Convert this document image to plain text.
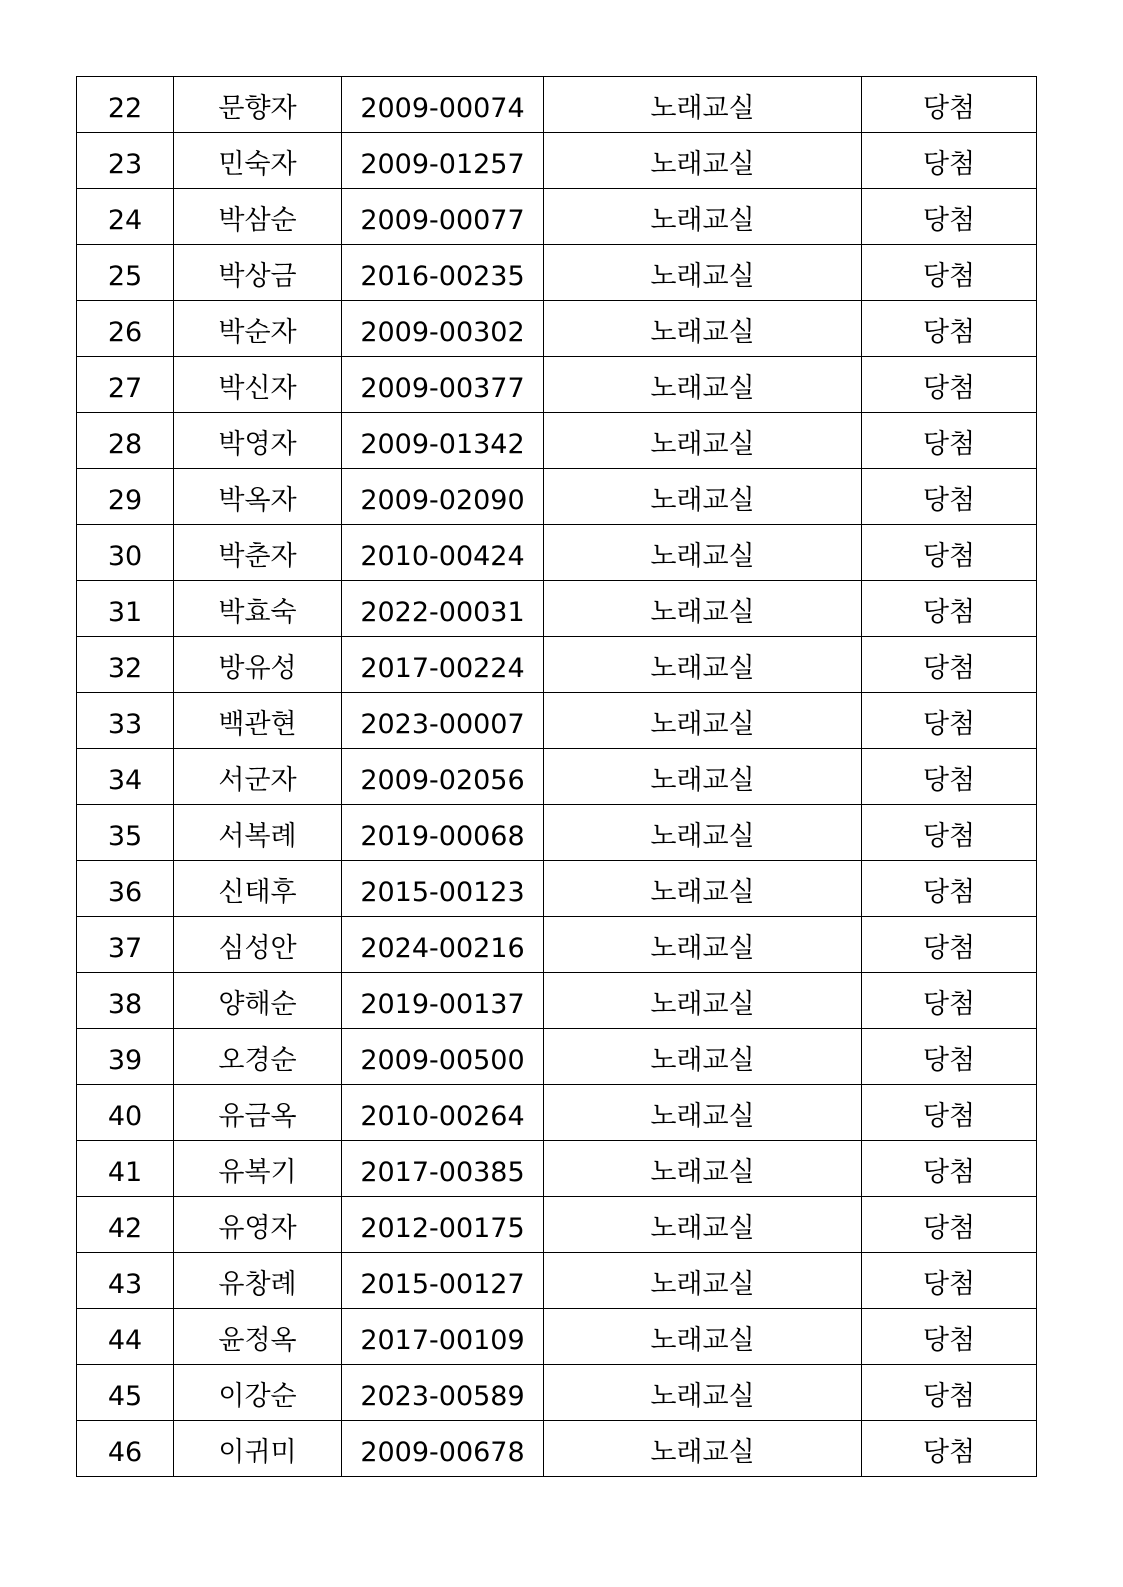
22	문향자	2009-00074	노래교실	당첨
23	민숙자	2009-01257	노래교실	당첨
24	박삼순	2009-00077	노래교실	당첨
25	박상금	2016-00235	노래교실	당첨
26	박순자	2009-00302	노래교실	당첨
27	박신자	2009-00377	노래교실	당첨
28	박영자	2009-01342	노래교실	당첨
29	박옥자	2009-02090	노래교실	당첨
30	박춘자	2010-00424	노래교실	당첨
31	박효숙	2022-00031	노래교실	당첨
32	방유성	2017-00224	노래교실	당첨
33	백관현	2023-00007	노래교실	당첨
34	서군자	2009-02056	노래교실	당첨
35	서복례	2019-00068	노래교실	당첨
36	신태후	2015-00123	노래교실	당첨
37	심성안	2024-00216	노래교실	당첨
38	양해순	2019-00137	노래교실	당첨
39	오경순	2009-00500	노래교실	당첨
40	유금옥	2010-00264	노래교실	당첨
41	유복기	2017-00385	노래교실	당첨
42	유영자	2012-00175	노래교실	당첨
43	유창례	2015-00127	노래교실	당첨
44	윤정옥	2017-00109	노래교실	당첨
45	이강순	2023-00589	노래교실	당첨
46	이귀미	2009-00678	노래교실	당첨
